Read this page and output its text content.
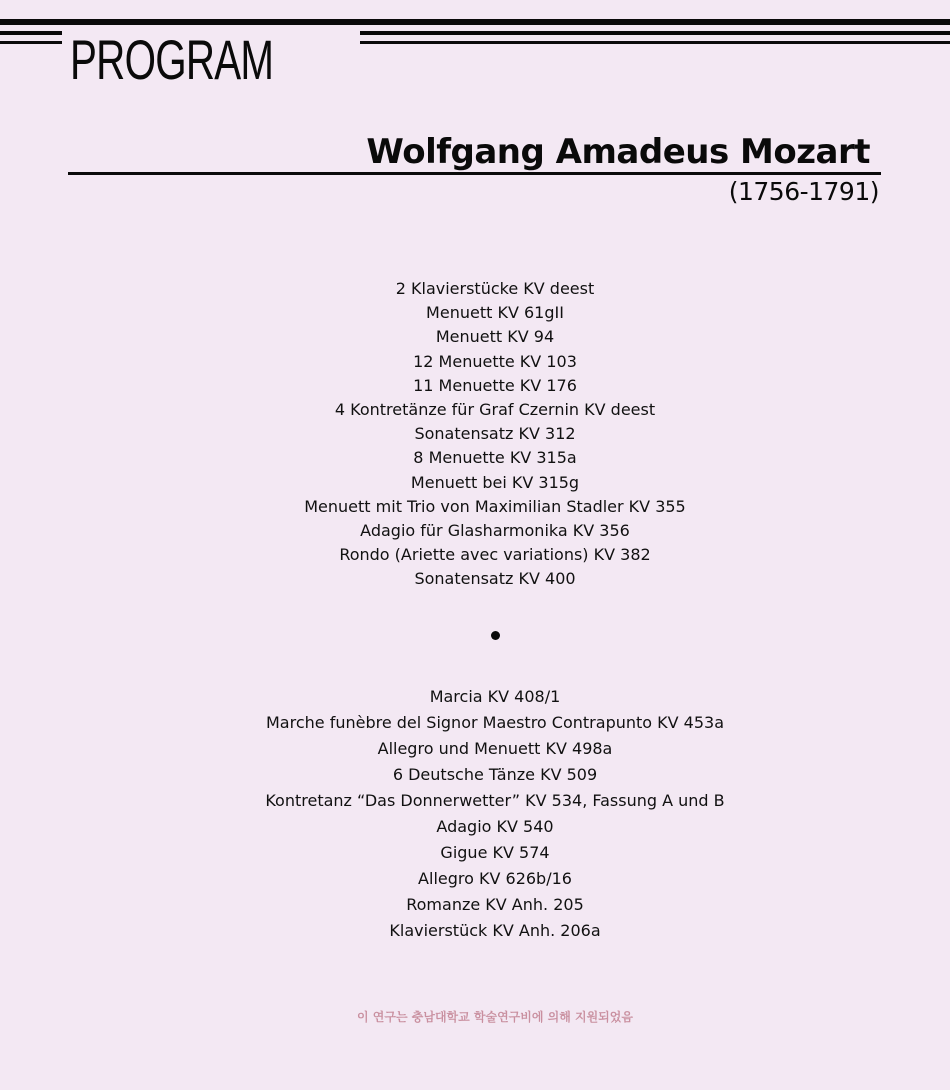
PROGRAM
Wolfgang Amadeus Mozart

(1756-1791)

2 Klavierstücke KV deest
Menuett KV 61gII
Menuett KV 94
12 Menuette KV 103
11 Menuette KV 176
4 Kontretänze für Graf Czernin KV deest
Sonatensatz KV 312
8 Menuette KV 315a
Menuett bei KV 315g
Menuett mit Trio von Maximilian Stadler KV 355
Adagio für Glasharmonika KV 356
Rondo (Ariette avec variations) KV 382
Sonatensatz KV 400
Marcia KV 408/1
Marche funèbre del Signor Maestro Contrapunto KV 453a
Allegro und Menuett KV 498a
6 Deutsche Tänze KV 509
Kontretanz “Das Donnerwetter” KV 534, Fassung A und B
Adagio KV 540
Gigue KV 574
Allegro KV 626b/16
Romanze KV Anh. 205
Klavierstück KV Anh. 206a

이 연구는 충남대학교 학술연구비에 의해 지원되었음
